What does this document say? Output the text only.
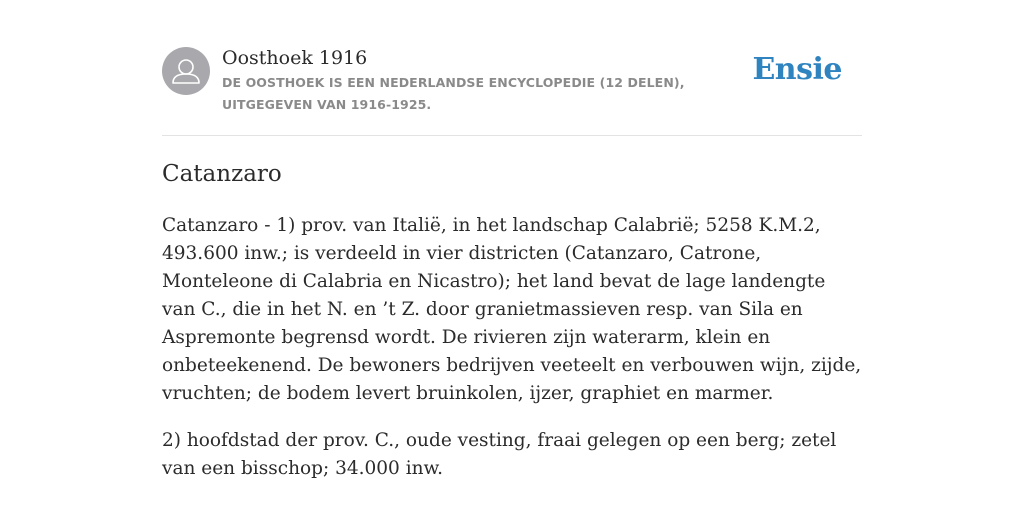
Oosthoek 1916
DE OOSTHOEK IS EEN NEDERLANDSE ENCYCLOPEDIE (12 DELEN), UITGEGEVEN VAN 1916-1925.
Ensie
Catanzaro

Catanzaro - 1) prov. van Italië, in het landschap Calabrië; 5258 K.M.2, 493.600 inw.; is verdeeld in vier districten (Catanzaro, Catrone, Monteleone di Calabria en Nicastro); het land bevat de lage landengte van C., die in het N. en ’t Z. door granietmassieven resp. van Sila en Aspremonte begrensd wordt. De rivieren zijn waterarm, klein en onbeteekenend. De bewoners bedrijven veeteelt en verbouwen wijn, zijde, vruchten; de bodem levert bruinkolen, ijzer, graphiet en marmer.

2) hoofdstad der prov. C., oude vesting, fraai gelegen op een berg; zetel van een bisschop; 34.000 inw.
